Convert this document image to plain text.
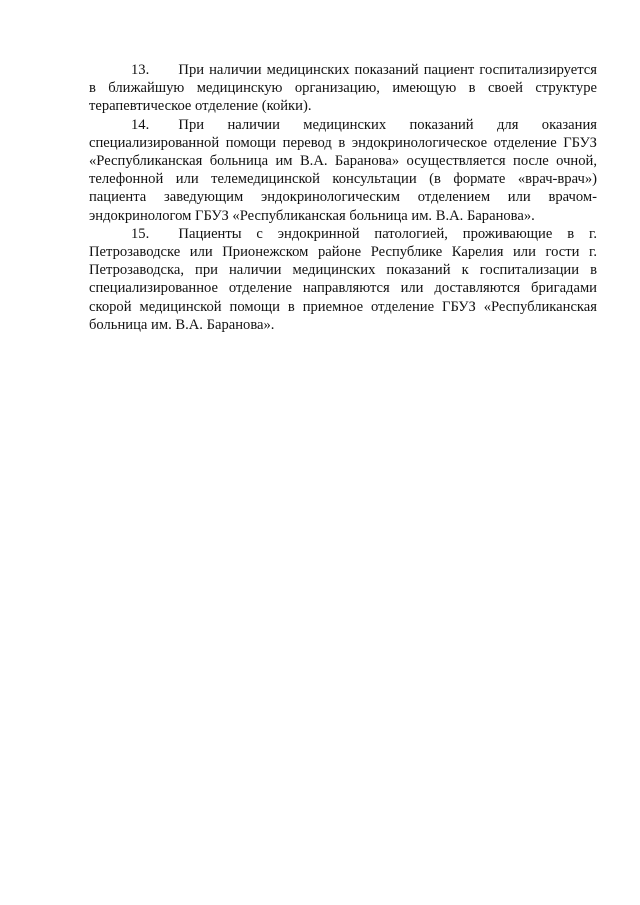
13.  При наличии медицинских показаний пациент госпитализируется в ближайшую медицинскую организацию, имеющую в своей структуре терапевтическое отделение (койки).

14.  При наличии медицинских показаний для оказания специализированной помощи перевод в эндокринологическое отделение ГБУЗ «Республиканская больница им В.А. Баранова» осуществляется после очной, телефонной или телемедицинской консультации (в формате «врач-врач») пациента заведующим эндокринологическим отделением или врачом-эндокринологом ГБУЗ «Республиканская больница им. В.А. Баранова».

15.  Пациенты с эндокринной патологией, проживающие в г. Петрозаводске или Прионежском районе Республике Карелия или гости г. Петрозаводска, при наличии медицинских показаний к госпитализации в специализированное отделение направляются или доставляются бригадами скорой медицинской помощи в приемное отделение ГБУЗ «Республиканская больница им. В.А. Баранова».
